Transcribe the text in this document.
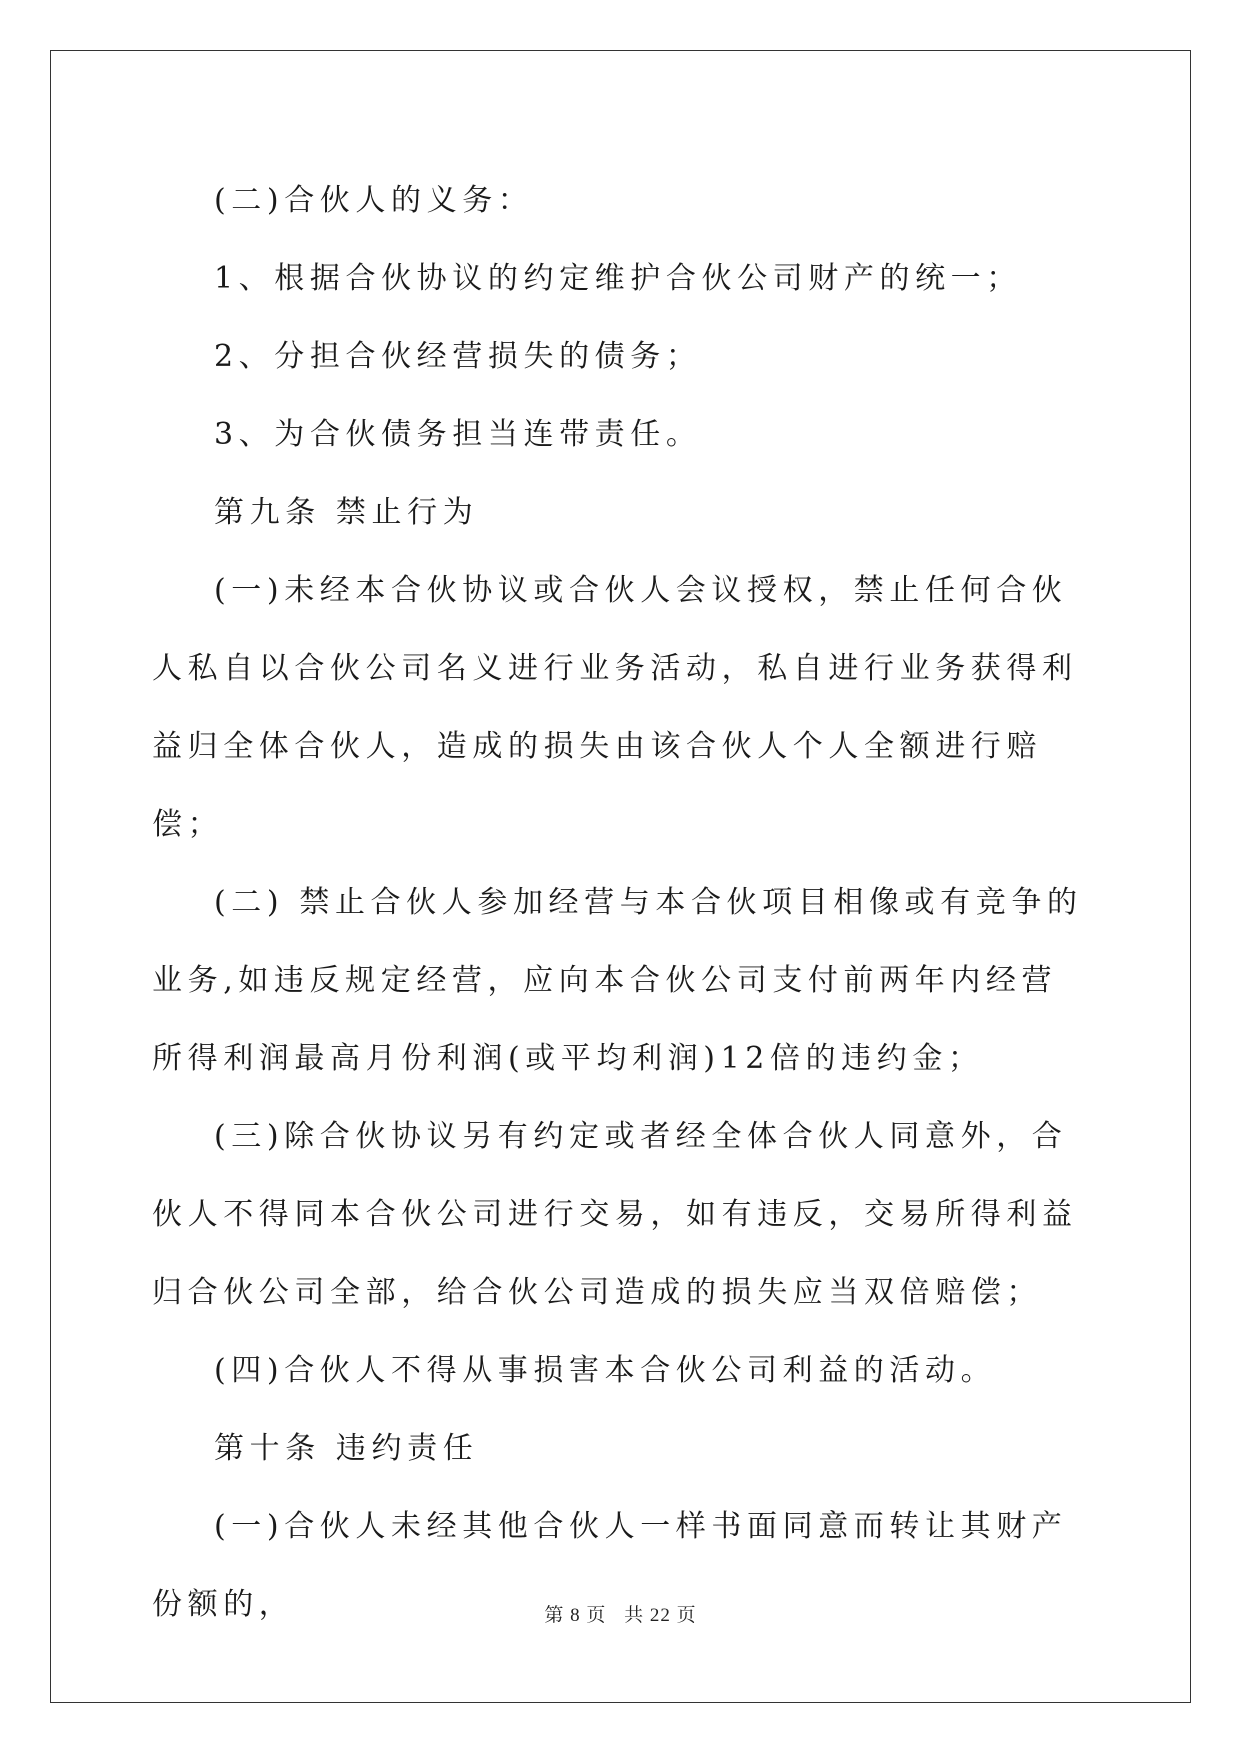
(二)合伙人的义务：

1、根据合伙协议的约定维护合伙公司财产的统一；

2、分担合伙经营损失的债务；

3、为合伙债务担当连带责任。

第九条 禁止行为

(一)未经本合伙协议或合伙人会议授权，禁止任何合伙人私自以合伙公司名义进行业务活动，私自进行业务获得利益归全体合伙人，造成的损失由该合伙人个人全额进行赔偿；

(二) 禁止合伙人参加经营与本合伙项目相像或有竞争的业务,如违反规定经营，应向本合伙公司支付前两年内经营所得利润最高月份利润(或平均利润)12倍的违约金；

(三)除合伙协议另有约定或者经全体合伙人同意外，合伙人不得同本合伙公司进行交易，如有违反，交易所得利益归合伙公司全部，给合伙公司造成的损失应当双倍赔偿；

(四)合伙人不得从事损害本合伙公司利益的活动。

第十条 违约责任

(一)合伙人未经其他合伙人一样书面同意而转让其财产份额的，	第 8 页 共 22 页
